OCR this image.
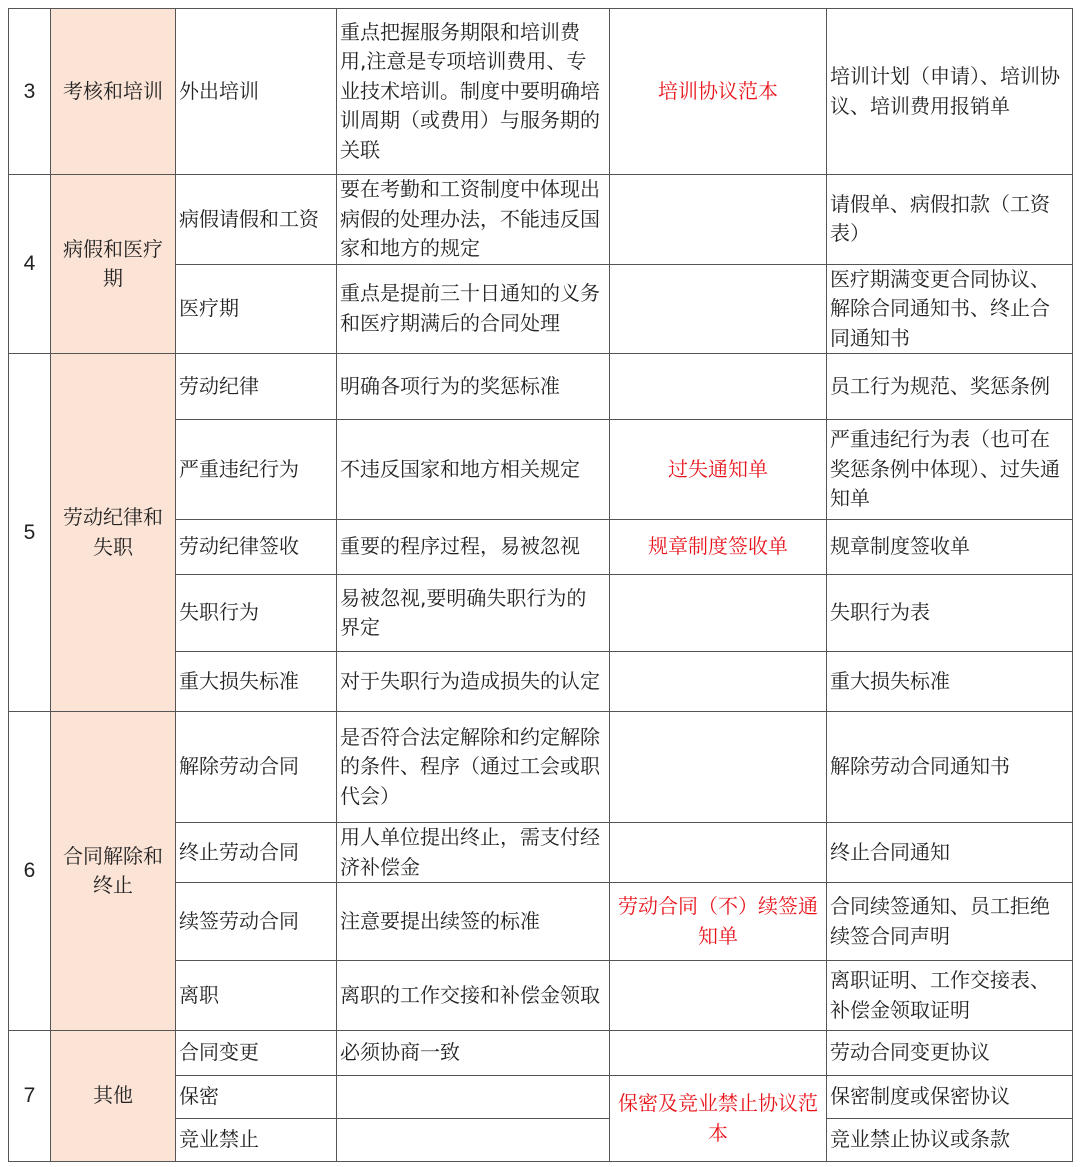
3	考核和培训	外出培训	重点把握服务期限和培训费用,注意是专项培训费用、专业技术培训。制度中要明确培训周期（或费用）与服务期的关联	培训协议范本	培训计划（申请）、培训协议、培训费用报销单
4	病假和医疗期	病假请假和工资	要在考勤和工资制度中体现出病假的处理办法，不能违反国家和地方的规定		请假单、病假扣款（工资表）
		医疗期	重点是提前三十日通知的义务和医疗期满后的合同处理		医疗期满变更合同协议、解除合同通知书、终止合同通知书
5	劳动纪律和失职	劳动纪律	明确各项行为的奖惩标准		员工行为规范、奖惩条例
		严重违纪行为	不违反国家和地方相关规定	过失通知单	严重违纪行为表（也可在奖惩条例中体现）、过失通知单
		劳动纪律签收	重要的程序过程，易被忽视	规章制度签收单	规章制度签收单
		失职行为	易被忽视,要明确失职行为的界定		失职行为表
		重大损失标准	对于失职行为造成损失的认定		重大损失标准
6	合同解除和终止	解除劳动合同	是否符合法定解除和约定解除的条件、程序（通过工会或职代会）		解除劳动合同通知书
		终止劳动合同	用人单位提出终止，需支付经济补偿金		终止合同通知
		续签劳动合同	注意要提出续签的标准	劳动合同（不）续签通知单	合同续签通知、员工拒绝续签合同声明
		离职	离职的工作交接和补偿金领取		离职证明、工作交接表、补偿金领取证明
7	其他	合同变更	必须协商一致		劳动合同变更协议
		保密		保密及竞业禁止协议范本	保密制度或保密协议
		竞业禁止			竞业禁止协议或条款
